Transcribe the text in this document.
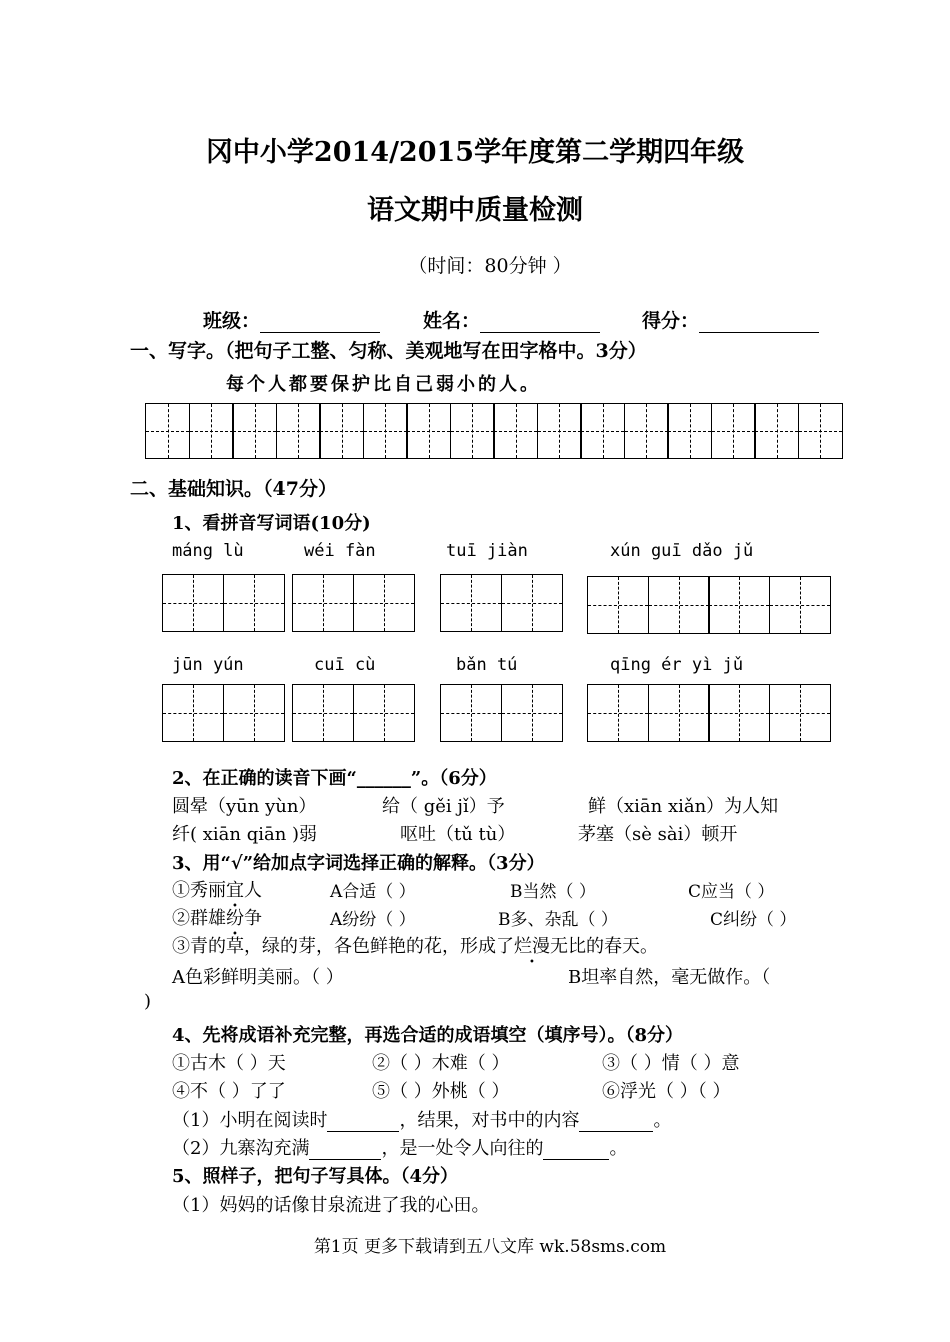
冈中小学2014/2015学年度第二学期四年级
语文期中质量检测
（时间：80分钟 ）
班级：	姓名：	得分：
一、写字。（把句子工整、匀称、美观地写在田字格中。3分）
每个人都要保护比自己弱小的人。
二、基础知识。（47分）
1、看拼音写词语(10分)
máng lù	wéi fàn	tuī jiàn	xún guī dǎo jǔ
jūn yún	cuī cù	bǎn tú	qīng ér yì jǔ
2、在正确的读音下画“______”。（6分）
圆晕（yūn yùn）	给（ gěi jǐ）予	鲜（xiān xiǎn）为人知
纤( xiān qiān )弱	呕吐（tǔ tù）	茅塞（sè sài）顿开
3、用“√”给加点字词选择正确的解释。（3分）
①秀丽宜人	A合适（ ）	B当然（ ）	C应当（ ）
②群雄纷争	A纷纷（ ）	B多、杂乱（ ）	C纠纷（ ）
③青的草，绿的芽，各色鲜艳的花，形成了烂漫无比的春天。
A色彩鲜明美丽。（ ）	B坦率自然，毫无做作。（
)
4、先将成语补充完整，再选合适的成语填空（填序号）。（8分）
①古木（ ）天	②（ ）木难（ ）	③（ ）情（ ）意
④不（ ）了了	⑤（ ）外桃（ ）	⑥浮光（ ）（ ）
（1）小明在阅读时	，结果，对书中的内容	。
（2）九寨沟充满	，是一处令人向往的	。
5、照样子，把句子写具体。（4分）
（1）妈妈的话像甘泉流进了我的心田。
第1页 更多下载请到五八文库 wk.58sms.com
